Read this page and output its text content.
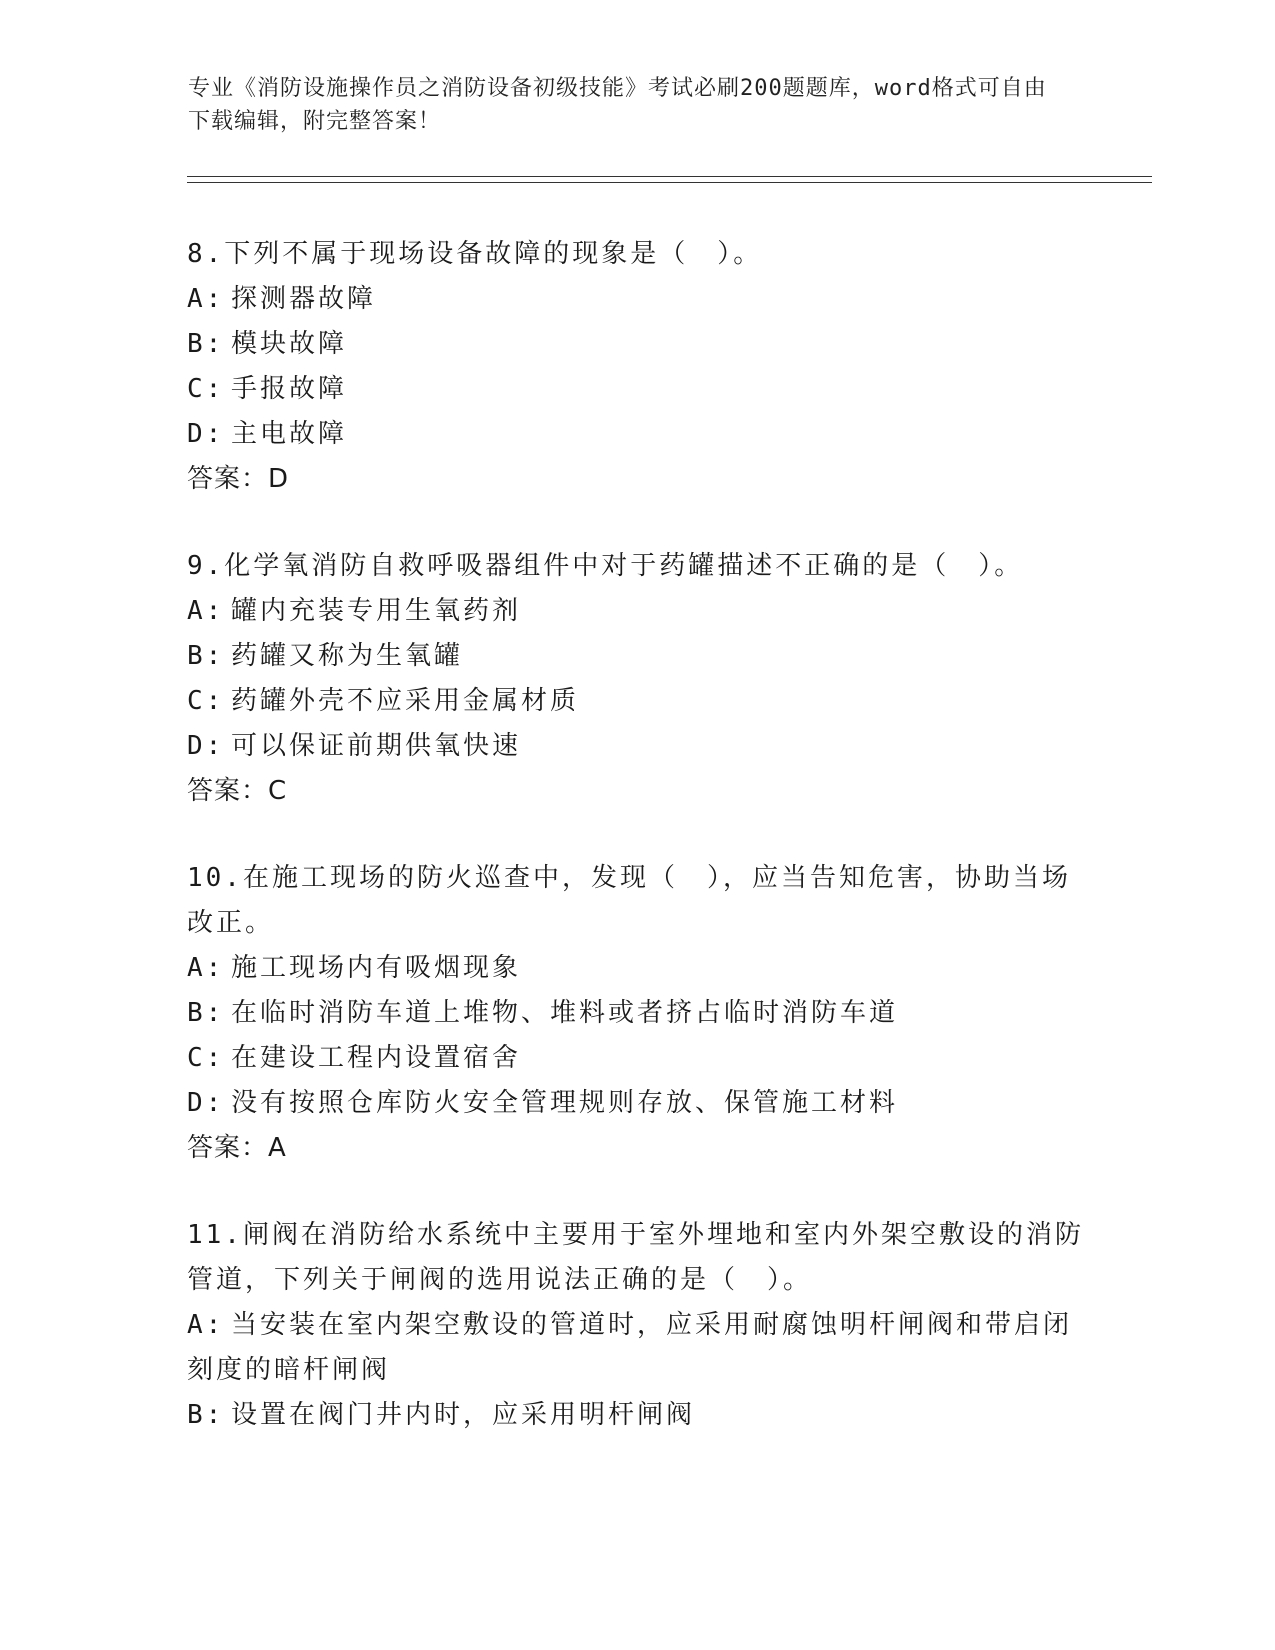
专业《消防设施操作员之消防设备初级技能》考试必刷200题题库，word格式可自由下载编辑，附完整答案！

8.下列不属于现场设备故障的现象是（　）。

A: 探测器故障

B: 模块故障

C: 手报故障

D: 主电故障

答案：D

9.化学氧消防自救呼吸器组件中对于药罐描述不正确的是（　）。

A: 罐内充装专用生氧药剂

B: 药罐又称为生氧罐

C: 药罐外壳不应采用金属材质

D: 可以保证前期供氧快速

答案：C

10.在施工现场的防火巡查中，发现（　），应当告知危害，协助当场改正。

A: 施工现场内有吸烟现象

B: 在临时消防车道上堆物、堆料或者挤占临时消防车道

C: 在建设工程内设置宿舍

D: 没有按照仓库防火安全管理规则存放、保管施工材料

答案：A

11.闸阀在消防给水系统中主要用于室外埋地和室内外架空敷设的消防管道，下列关于闸阀的选用说法正确的是（　）。

A: 当安装在室内架空敷设的管道时，应采用耐腐蚀明杆闸阀和带启闭刻度的暗杆闸阀

B: 设置在阀门井内时，应采用明杆闸阀
